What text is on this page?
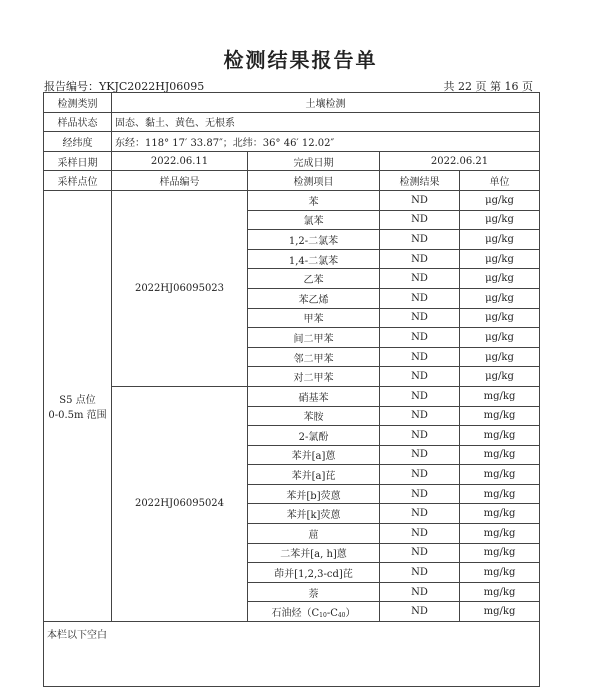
检测结果报告单
报告编号：YKJC2022HJ06095	共 22 页 第 16 页
检测类别	土壤检测			
样品状态	固态、黏土、黄色、无根系			
经纬度	东经：118° 17′ 33.87″；北纬：36° 46′ 12.02″			
采样日期	2022.06.11	完成日期	2022.06.21	
采样点位	样品编号	检测项目	检测结果	单位

S5 点位
0-0.5m 范围	2022HJ06095023	苯	ND	μg/kg
		氯苯	ND	μg/kg
		1,2-二氯苯	ND	μg/kg
		1,4-二氯苯	ND	μg/kg
		乙苯	ND	μg/kg
		苯乙烯	ND	μg/kg
		甲苯	ND	μg/kg
		间二甲苯	ND	μg/kg
		邻二甲苯	ND	μg/kg
		对二甲苯	ND	μg/kg
	2022HJ06095024	硝基苯	ND	mg/kg
		苯胺	ND	mg/kg
		2-氯酚	ND	mg/kg
		苯并[a]蒽	ND	mg/kg
		苯并[a]芘	ND	mg/kg
		苯并[b]荧蒽	ND	mg/kg
		苯并[k]荧蒽	ND	mg/kg
		䓛	ND	mg/kg
		二苯并[a, h]蒽	ND	mg/kg
		茚并[1,2,3-cd]芘	ND	mg/kg
		萘	ND	mg/kg
		石油烃（C10-C40）	ND	mg/kg
本栏以下空白				
